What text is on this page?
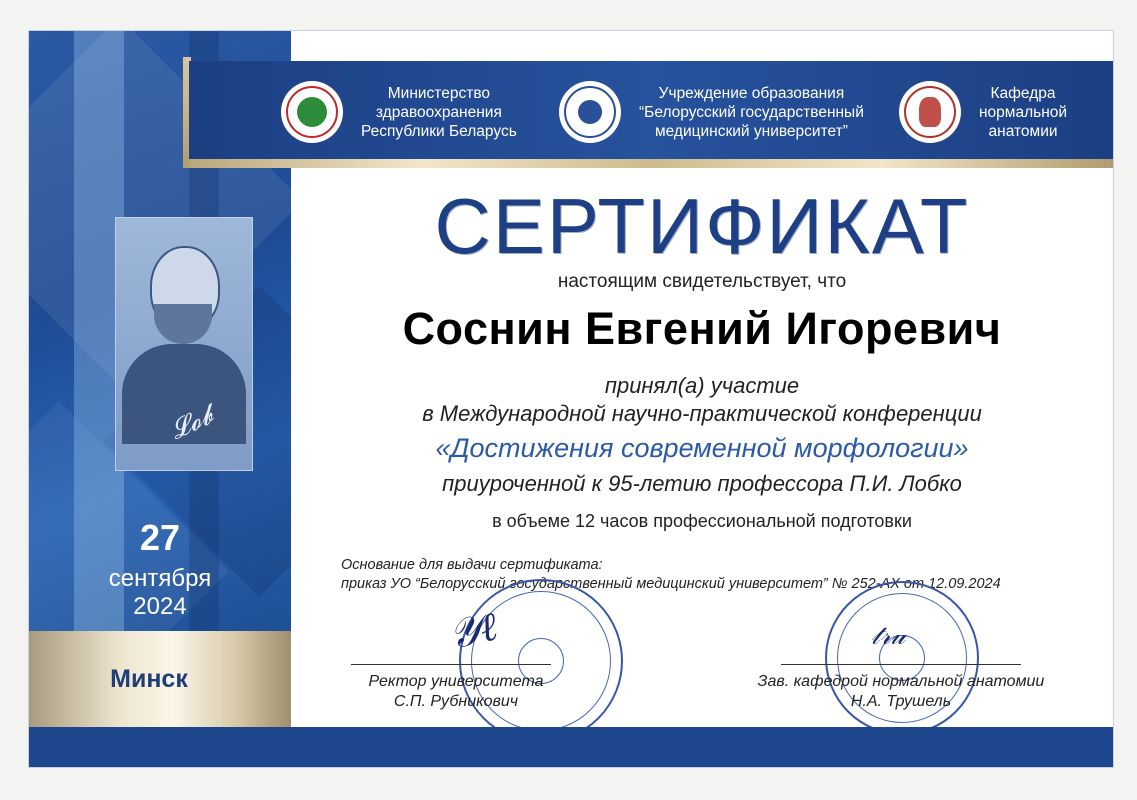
𝓛𝓸𝓫
27
сентября
2024
Минск
Министерство
здравоохранения
Республики Беларусь
Учреждение образования
“Белорусский государственный
медицинский университет”
Кафедра
нормальной
анатомии
СЕРТИФИКАТ
настоящим свидетельствует, что
Соснин Евгений Игоревич
принял(а) участие
в Международной научно-практической конференции
«Достижения современной морфологии»
приуроченной к 95-летию профессора П.И. Лобко
в объеме 12 часов профессиональной подготовки
Основание для выдачи сертификата:
приказ УО “Белорусский государственный медицинский университет” № 252-АХ от 12.09.2024
𝒴ℓ	𝓉𝓇𝓊
Ректор университета
С.П. Рубникович
Зав. кафедрой нормальной анатомии
Н.А. Трушель
